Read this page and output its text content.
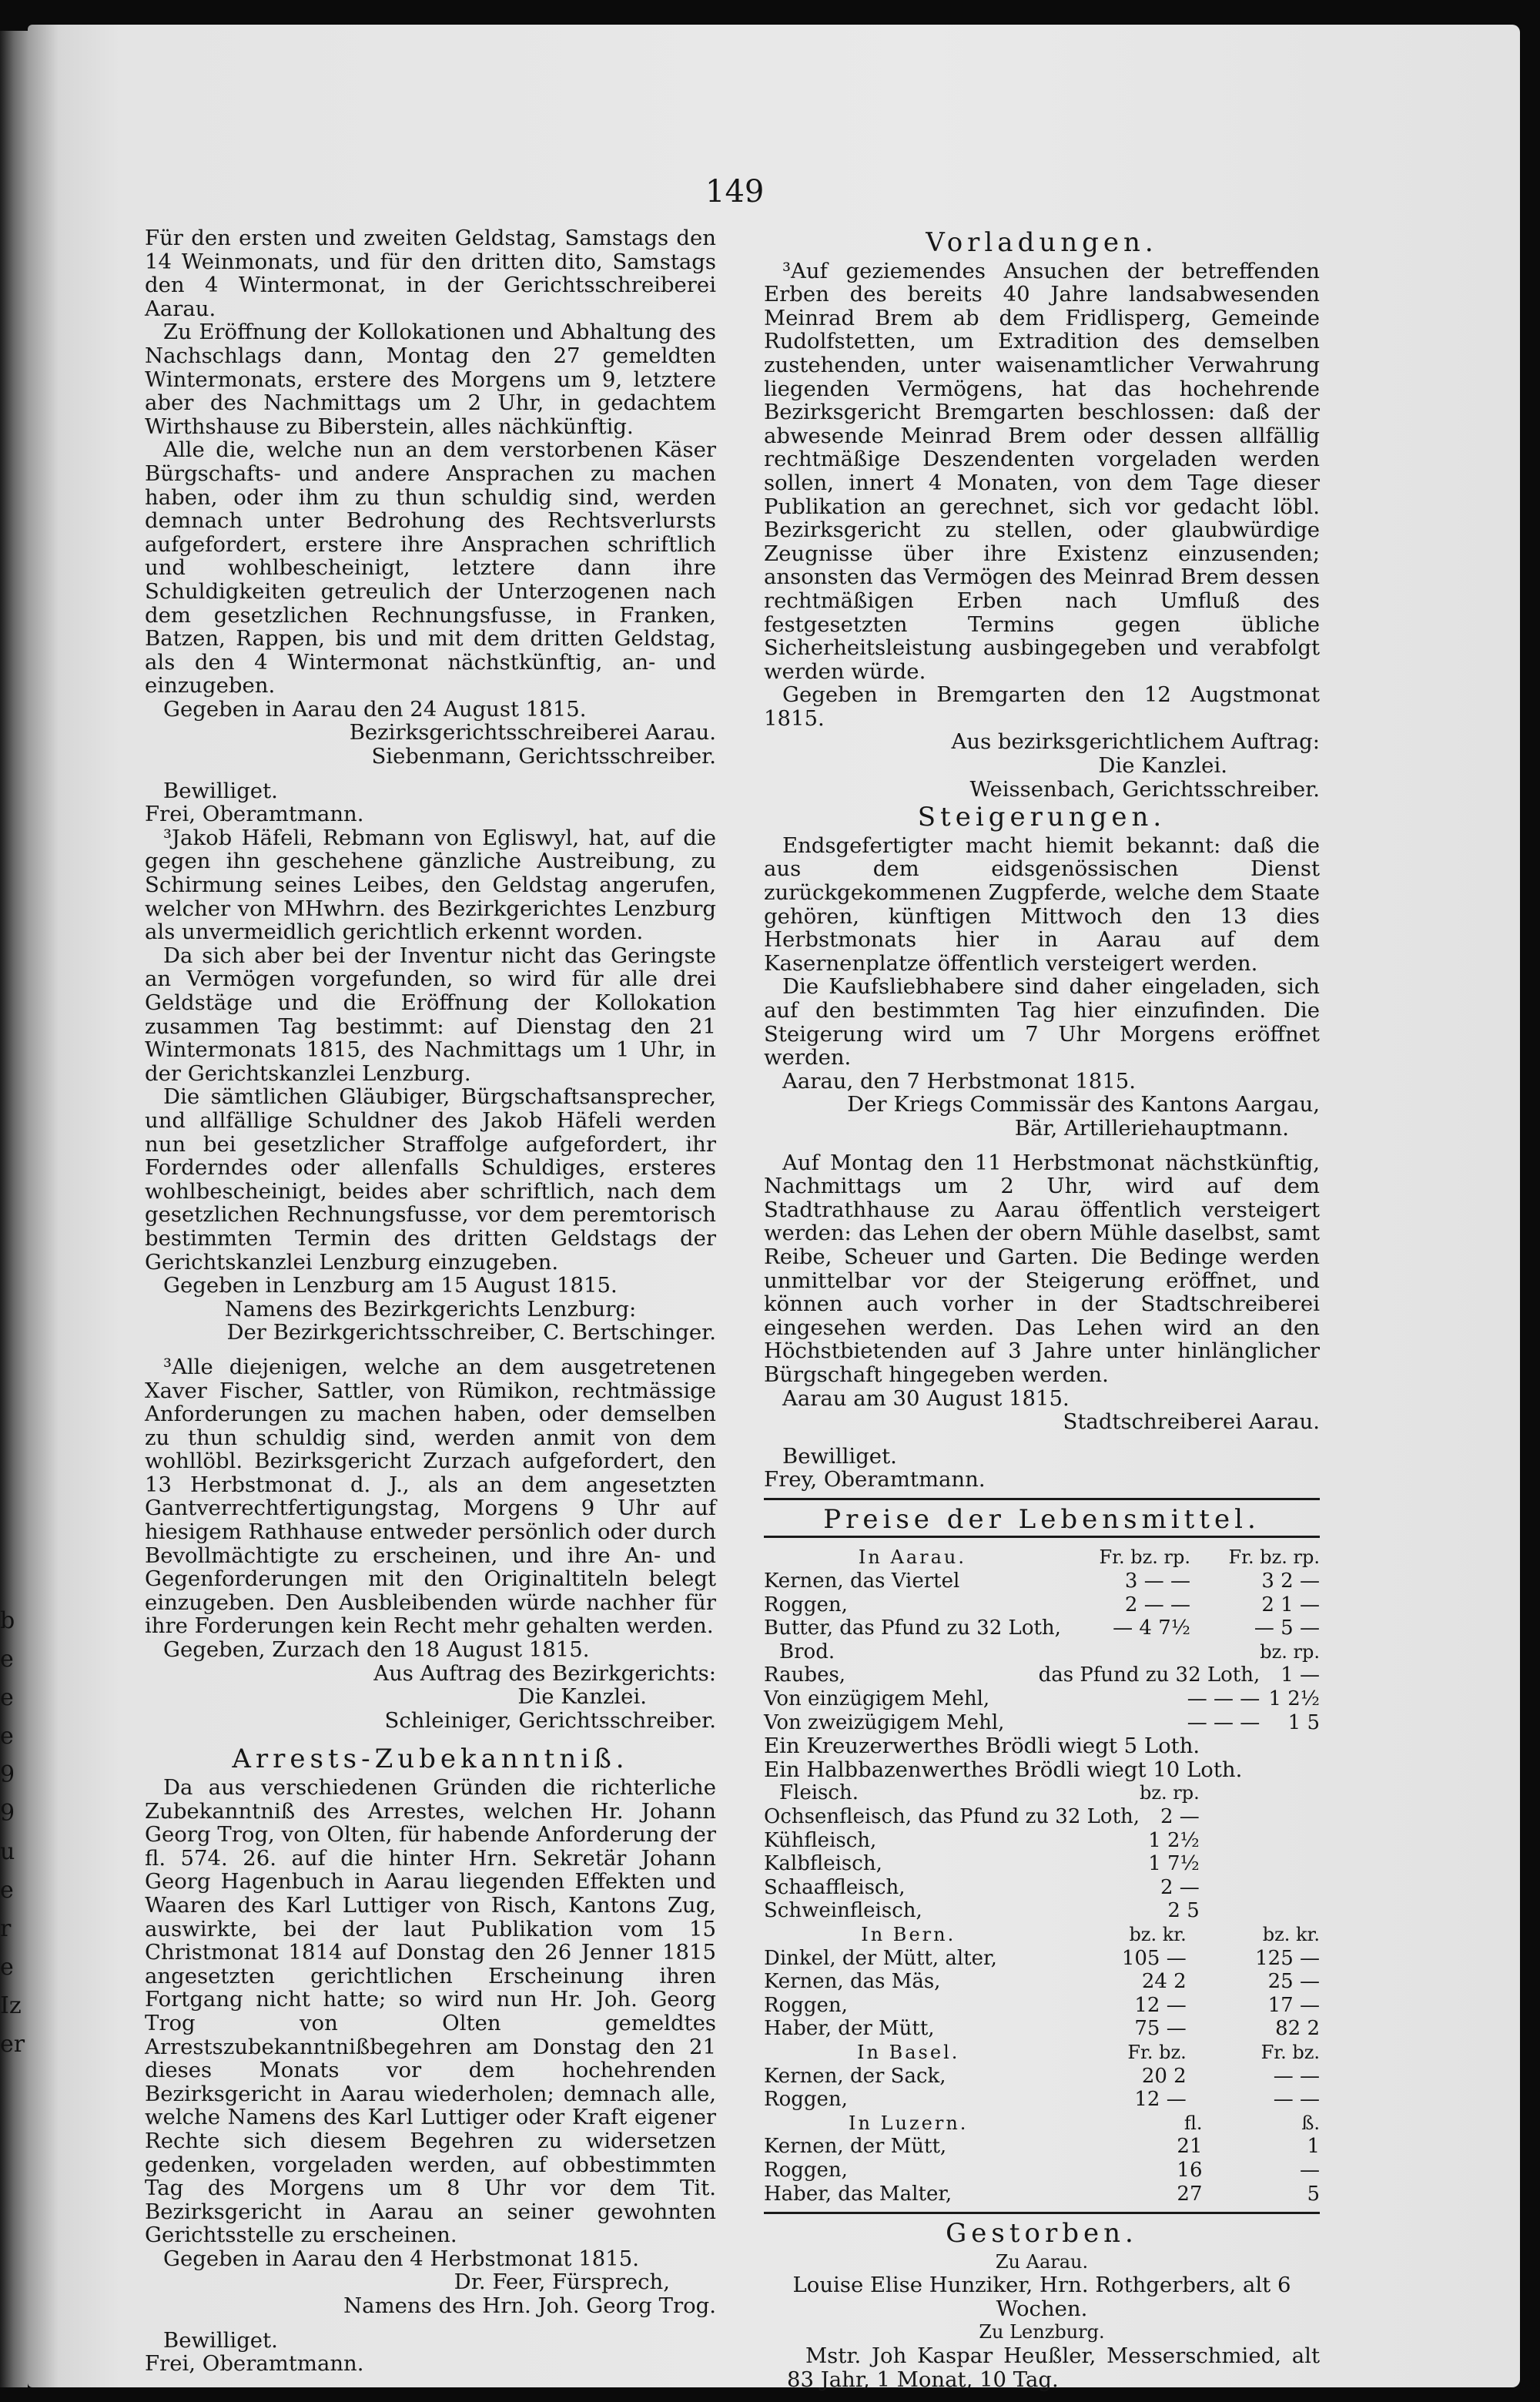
b
e
e
e
9
9
u
e
r
e
Iz
er
149

Für den ersten und zweiten Geldstag, Samstags den 14 Weinmonats, und für den dritten dito, Samstags den 4 Wintermonat, in der Gerichtsschreiberei Aarau.

Zu Eröffnung der Kollokationen und Abhaltung des Nachschlags dann, Montag den 27 gemeldten Wintermonats, erstere des Morgens um 9, letztere aber des Nachmittags um 2 Uhr, in gedachtem Wirthshause zu Biberstein, alles nächkünftig.

Alle die, welche nun an dem verstorbenen Käser Bürgschafts- und andere Ansprachen zu machen haben, oder ihm zu thun schuldig sind, werden demnach unter Bedrohung des Rechtsverlursts aufgefordert, erstere ihre Ansprachen schriftlich und wohlbescheinigt, letztere dann ihre Schuldigkeiten getreulich der Unterzogenen nach dem gesetzlichen Rechnungsfusse, in Franken, Batzen, Rappen, bis und mit dem dritten Geldstag, als den 4 Wintermonat nächstkünftig, an- und einzugeben.

Gegeben in Aarau den 24 August 1815.

Bezirksgerichtsschreiberei Aarau.

Siebenmann, Gerichtsschreiber.

Bewilliget.

Frei, Oberamtmann.

³Jakob Häfeli, Rebmann von Egliswyl, hat, auf die gegen ihn geschehene gänzliche Austreibung, zu Schirmung seines Leibes, den Geldstag angerufen, welcher von MHwhrn. des Bezirkgerichtes Lenzburg als unvermeidlich gerichtlich erkennt worden.

Da sich aber bei der Inventur nicht das Geringste an Vermögen vorgefunden, so wird für alle drei Geldstäge und die Eröffnung der Kollokation zusammen Tag bestimmt: auf Dienstag den 21 Wintermonats 1815, des Nachmittags um 1 Uhr, in der Gerichtskanzlei Lenzburg.

Die sämtlichen Gläubiger, Bürgschaftsansprecher, und allfällige Schuldner des Jakob Häfeli werden nun bei gesetzlicher Straffolge aufgefordert, ihr Forderndes oder allenfalls Schuldiges, ersteres wohlbescheinigt, beides aber schriftlich, nach dem gesetzlichen Rechnungsfusse, vor dem peremtorisch bestimmten Termin des dritten Geldstags der Gerichtskanzlei Lenzburg einzugeben.

Gegeben in Lenzburg am 15 August 1815.

Namens des Bezirkgerichts Lenzburg:

Der Bezirkgerichtsschreiber, C. Bertschinger.

³Alle diejenigen, welche an dem ausgetretenen Xaver Fischer, Sattler, von Rümikon, rechtmässige Anforderungen zu machen haben, oder demselben zu thun schuldig sind, werden anmit von dem wohllöbl. Bezirksgericht Zurzach aufgefordert, den 13 Herbstmonat d. J., als an dem angesetzten Gantverrechtfertigungstag, Morgens 9 Uhr auf hiesigem Rathhause entweder persönlich oder durch Bevollmächtigte zu erscheinen, und ihre An- und Gegenforderungen mit den Originaltiteln belegt einzugeben. Den Ausbleibenden würde nachher für ihre Forderungen kein Recht mehr gehalten werden.

Gegeben, Zurzach den 18 August 1815.

Aus Auftrag des Bezirkgerichts:

Die Kanzlei.

Schleiniger, Gerichtsschreiber.

Arrests-Zubekanntniß.

Da aus verschiedenen Gründen die richterliche Zubekanntniß des Arrestes, welchen Hr. Johann Georg Trog, von Olten, für habende Anforderung der fl. 574. 26. auf die hinter Hrn. Sekretär Johann Georg Hagenbuch in Aarau liegenden Effekten und Waaren des Karl Luttiger von Risch, Kantons Zug, auswirkte, bei der laut Publikation vom 15 Christmonat 1814 auf Donstag den 26 Jenner 1815 angesetzten gerichtlichen Erscheinung ihren Fortgang nicht hatte; so wird nun Hr. Joh. Georg Trog von Olten gemeldtes Arrestszubekanntnißbegehren am Donstag den 21 dieses Monats vor dem hochehrenden Bezirksgericht in Aarau wiederholen; demnach alle, welche Namens des Karl Luttiger oder Kraft eigener Rechte sich diesem Begehren zu widersetzen gedenken, vorgeladen werden, auf obbestimmten Tag des Morgens um 8 Uhr vor dem Tit. Bezirksgericht in Aarau an seiner gewohnten Gerichtsstelle zu erscheinen.

Gegeben in Aarau den 4 Herbstmonat 1815.

Dr. Feer, Fürsprech,

Namens des Hrn. Joh. Georg Trog.

Bewilliget.

Frei, Oberamtmann.

Vorladungen.

³Auf geziemendes Ansuchen der betreffenden Erben des bereits 40 Jahre landsabwesenden Meinrad Brem ab dem Fridlisperg, Gemeinde Rudolfstetten, um Extradition des demselben zustehenden, unter waisenamtlicher Verwahrung liegenden Vermögens, hat das hochehrende Bezirksgericht Bremgarten beschlossen: daß der abwesende Meinrad Brem oder dessen allfällig rechtmäßige Deszendenten vorgeladen werden sollen, innert 4 Monaten, von dem Tage dieser Publikation an gerechnet, sich vor gedacht löbl. Bezirksgericht zu stellen, oder glaubwürdige Zeugnisse über ihre Existenz einzusenden; ansonsten das Vermögen des Meinrad Brem dessen rechtmäßigen Erben nach Umfluß des festgesetzten Termins gegen übliche Sicherheitsleistung ausbingegeben und verabfolgt werden würde.

Gegeben in Bremgarten den 12 Augstmonat 1815.

Aus bezirksgerichtlichem Auftrag:

Die Kanzlei.

Weissenbach, Gerichtsschreiber.

Steigerungen.

Endsgefertigter macht hiemit bekannt: daß die aus dem eidsgenössischen Dienst zurückgekommenen Zugpferde, welche dem Staate gehören, künftigen Mittwoch den 13 dies Herbstmonats hier in Aarau auf dem Kasernenplatze öffentlich versteigert werden.

Die Kaufsliebhabere sind daher eingeladen, sich auf den bestimmten Tag hier einzufinden. Die Steigerung wird um 7 Uhr Morgens eröffnet werden.

Aarau, den 7 Herbstmonat 1815.

Der Kriegs Commissär des Kantons Aargau,

Bär, Artilleriehauptmann.

Auf Montag den 11 Herbstmonat nächstkünftig, Nachmittags um 2 Uhr, wird auf dem Stadtrathhause zu Aarau öffentlich versteigert werden: das Lehen der obern Mühle daselbst, samt Reibe, Scheuer und Garten. Die Bedinge werden unmittelbar vor der Steigerung eröffnet, und können auch vorher in der Stadtschreiberei eingesehen werden. Das Lehen wird an den Höchstbietenden auf 3 Jahre unter hinlänglicher Bürgschaft hingegeben werden.

Aarau am 30 August 1815.

Stadtschreiberei Aarau.

Bewilliget.

Frey, Oberamtmann.

Preise der Lebensmittel.

In Aarau.	Fr. bz. rp.	Fr. bz. rp.
Kernen, das Viertel	3 — —	3 2 —
Roggen,	2 — —	2 1 —
Butter, das Pfund zu 32 Loth,	— 4 7½	— 5 —
Brod.		bz. rp.
Raubes,	das Pfund zu 32 Loth,	1 —
Von einzügigem Mehl,	— — —	1 2½
Von zweizügigem Mehl,	— — —	1 5

Ein Kreuzerwerthes Brödli wiegt 5 Loth.

Ein Halbbazenwerthes Brödli wiegt 10 Loth.

Fleisch.	bz. rp.
Ochsenfleisch, das Pfund zu 32 Loth,	2 —
Kühfleisch,	1 2½
Kalbfleisch,	1 7½
Schaaffleisch,	2 —
Schweinfleisch,	2 5
In Bern.	bz. kr.	bz. kr.
Dinkel, der Mütt, alter,	105 —	125 —
Kernen, das Mäs,	24 2	25 —
Roggen,	12 —	17 —
Haber, der Mütt,	75 —	82 2
In Basel.	Fr. bz.	Fr. bz.
Kernen, der Sack,	20 2	— —
Roggen,	12 —	— —
In Luzern.	fl.	ß.
Kernen, der Mütt,	21	1
Roggen,	16	—
Haber, das Malter,	27	5

Gestorben.

Zu Aarau.

Louise Elise Hunziker, Hrn. Rothgerbers, alt 6 Wochen.

Zu Lenzburg.

Mstr. Joh Kaspar Heußler, Messerschmied, alt 83 Jahr, 1 Monat, 10 Tag.
